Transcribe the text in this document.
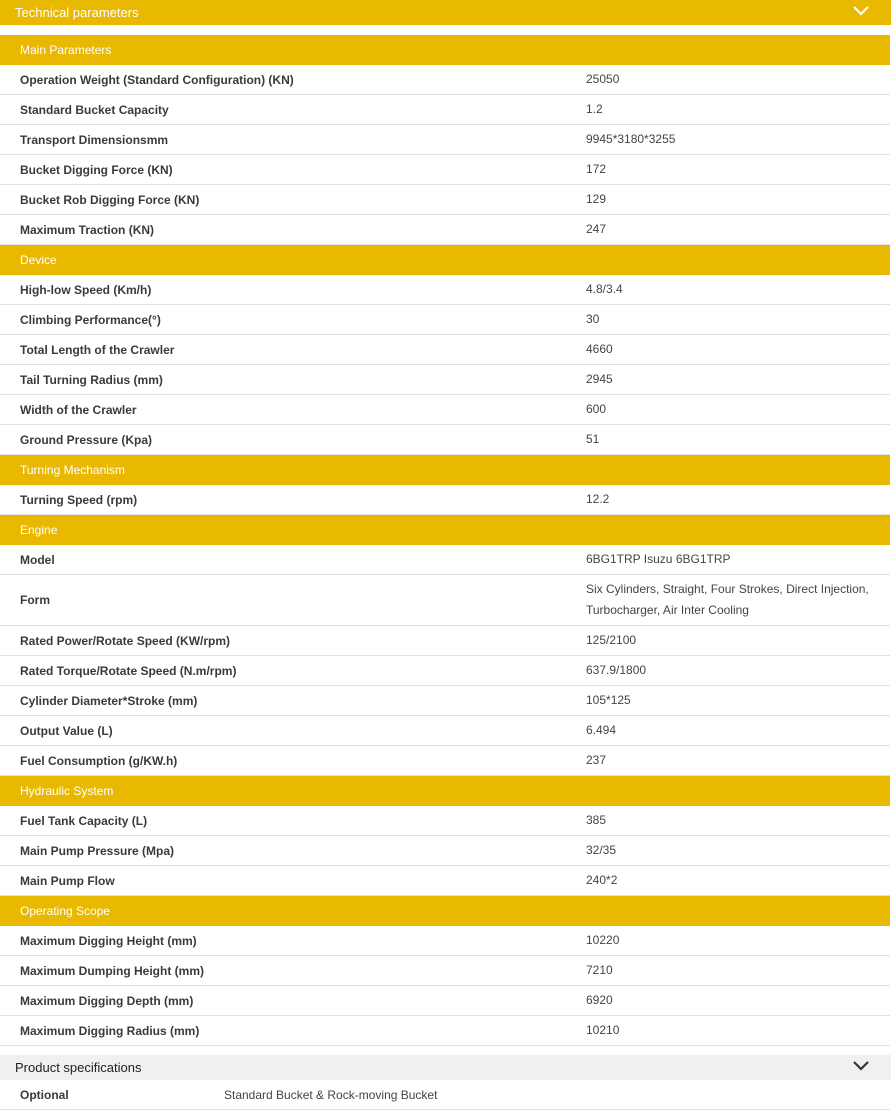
Technical parameters
Main Parameters	
Operation Weight (Standard Configuration) (KN)	25050

Standard Bucket Capacity	1.2

Transport Dimensionsmm	9945*3180*3255

Bucket Digging Force (KN)	172

Bucket Rob Digging Force (KN)	129

Maximum Traction (KN)	247

Device	
High-low Speed (Km/h)	4.8/3.4

Climbing Performance(°)	30

Total Length of the Crawler	4660

Tail Turning Radius (mm)	2945

Width of the Crawler	600

Ground Pressure (Kpa)	51

Turning Mechanism	
Turning Speed (rpm)	12.2

Engine	
Model	6BG1TRP Isuzu 6BG1TRP

Form	Six Cylinders, Straight, Four Strokes, Direct Injection, Turbocharger, Air Inter Cooling

Rated Power/Rotate Speed (KW/rpm)	125/2100

Rated Torque/Rotate Speed (N.m/rpm)	637.9/1800

Cylinder Diameter*Stroke (mm)	105*125

Output Value (L)	6.494

Fuel Consumption (g/KW.h)	237

Hydraulic System	
Fuel Tank Capacity (L)	385

Main Pump Pressure (Mpa)	32/35

Main Pump Flow	240*2

Operating Scope	
Maximum Digging Height (mm)	10220

Maximum Dumping Height (mm)	7210

Maximum Digging Depth (mm)	6920

Maximum Digging Radius (mm)	10210
Product specifications
Optional	Standard Bucket & Rock-moving Bucket
